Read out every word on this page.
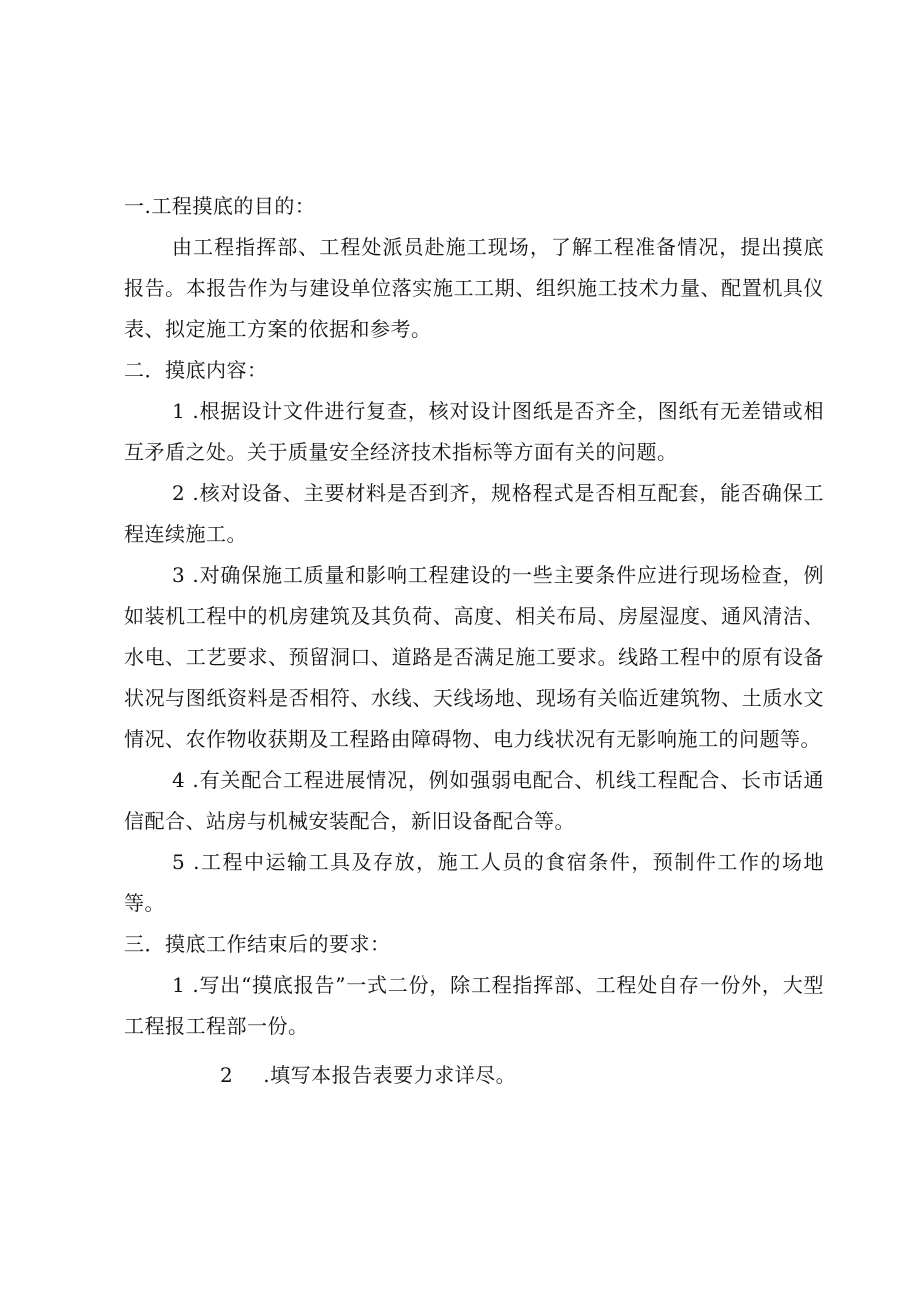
一.工程摸底的目的：

由工程指挥部、工程处派员赴施工现场，了解工程准备情况，提出摸底报告。本报告作为与建设单位落实施工工期、组织施工技术力量、配置机具仪表、拟定施工方案的依据和参考。

二．摸底内容：

1 .根据设计文件进行复查，核对设计图纸是否齐全，图纸有无差错或相互矛盾之处。关于质量安全经济技术指标等方面有关的问题。

2 .核对设备、主要材料是否到齐，规格程式是否相互配套，能否确保工程连续施工。

3 .对确保施工质量和影响工程建设的一些主要条件应进行现场检查，例如装机工程中的机房建筑及其负荷、高度、相关布局、房屋湿度、通风清洁、水电、工艺要求、预留洞口、道路是否满足施工要求。线路工程中的原有设备状况与图纸资料是否相符、水线、天线场地、现场有关临近建筑物、土质水文情况、农作物收获期及工程路由障碍物、电力线状况有无影响施工的问题等。

4 .有关配合工程进展情况，例如强弱电配合、机线工程配合、长市话通信配合、站房与机械安装配合，新旧设备配合等。

5 .工程中运输工具及存放，施工人员的食宿条件，预制件工作的场地等。

三．摸底工作结束后的要求：

1 .写出“摸底报告”一式二份，除工程指挥部、工程处自存一份外，大型工程报工程部一份。

2 .填写本报告表要力求详尽。
